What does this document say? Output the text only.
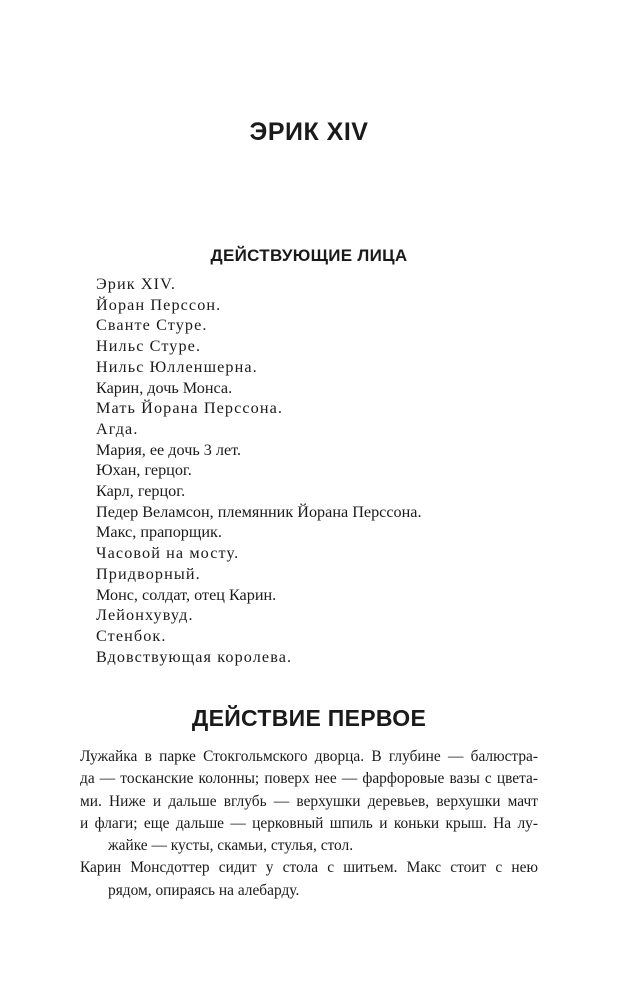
ЭРИК XIV
ДЕЙСТВУЮЩИЕ ЛИЦА
Эрик XIV.
Йоран Перссон.
Сванте Стуре.
Нильс Стуре.
Нильс Юлленшерна.
Карин, дочь Монса.
Мать Йорана Перссона.
Агда.
Мария, ее дочь 3 лет.
Юхан, герцог.
Карл, герцог.
Педер Веламсон, племянник Йорана Перссона.
Макс, прапорщик.
Часовой на мосту.
Придворный.
Монс, солдат, отец Карин.
Лейонхувуд.
Стенбок.
Вдовствующая королева.
ДЕЙСТВИЕ ПЕРВОЕ
Лужайка в парке Стокгольмского дворца. В глубине — балюстра-
да — тосканские колонны; поверх нее — фарфоровые вазы с цвета-
ми. Ниже и дальше вглубь — верхушки деревьев, верхушки мачт
и флаги; еще дальше — церковный шпиль и коньки крыш. На лу-
жайке — кусты, скамьи, стулья, стол.
Карин Монсдоттер сидит у стола с шитьем. Макс стоит с нею
рядом, опираясь на алебарду.
